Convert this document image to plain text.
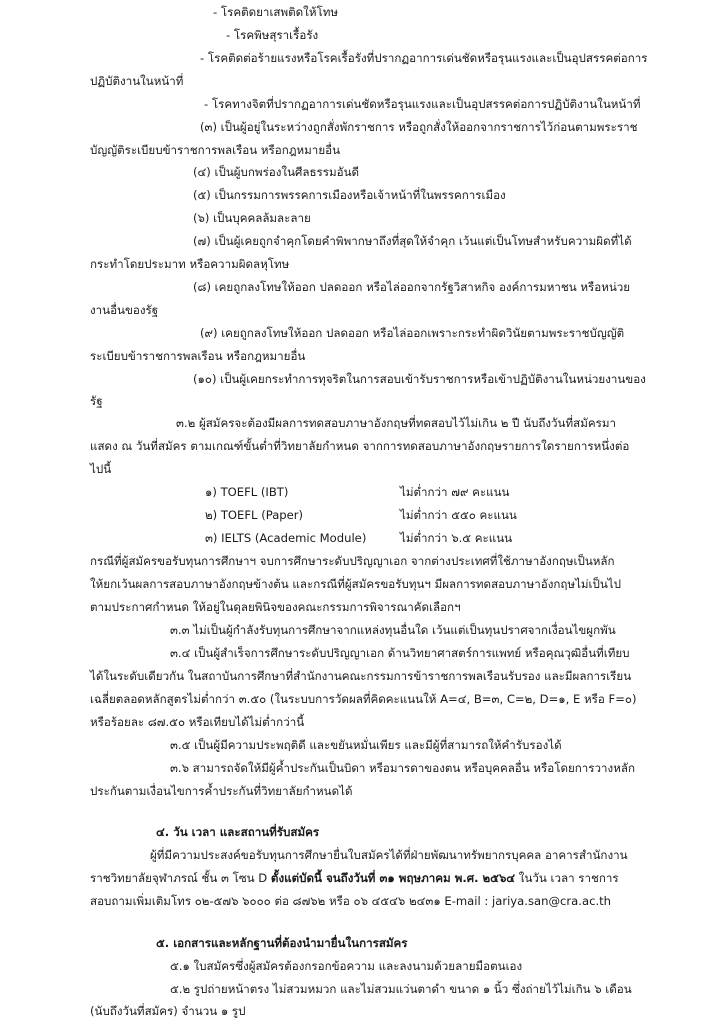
- โรคติดยาเสพติดให้โทษ
- โรคพิษสุราเรื้อรัง
- โรคติดต่อร้ายแรงหรือโรคเรื้อรังที่ปรากฏอาการเด่นชัดหรือรุนแรงและเป็นอุปสรรคต่อการ
ปฏิบัติงานในหน้าที่
- โรคทางจิตที่ปรากฏอาการเด่นชัดหรือรุนแรงและเป็นอุปสรรคต่อการปฏิบัติงานในหน้าที่
(๓) เป็นผู้อยู่ในระหว่างถูกสั่งพักราชการ หรือถูกสั่งให้ออกจากราชการไว้ก่อนตามพระราช
บัญญัติระเบียบข้าราชการพลเรือน หรือกฎหมายอื่น
(๔) เป็นผู้บกพร่องในศีลธรรมอันดี
(๕) เป็นกรรมการพรรคการเมืองหรือเจ้าหน้าที่ในพรรคการเมือง
(๖) เป็นบุคคลล้มละลาย
(๗) เป็นผู้เคยถูกจำคุกโดยคำพิพากษาถึงที่สุดให้จำคุก เว้นแต่เป็นโทษสำหรับความผิดที่ได้
กระทำโดยประมาท หรือความผิดลหุโทษ
(๘) เคยถูกลงโทษให้ออก ปลดออก หรือไล่ออกจากรัฐวิสาหกิจ องค์การมหาชน หรือหน่วย
งานอื่นของรัฐ
(๙) เคยถูกลงโทษให้ออก ปลดออก หรือไล่ออกเพราะกระทำผิดวินัยตามพระราชบัญญัติ
ระเบียบข้าราชการพลเรือน หรือกฎหมายอื่น
(๑๐) เป็นผู้เคยกระทำการทุจริตในการสอบเข้ารับราชการหรือเข้าปฏิบัติงานในหน่วยงานของ
รัฐ
๓.๒ ผู้สมัครจะต้องมีผลการทดสอบภาษาอังกฤษที่ทดสอบไว้ไม่เกิน ๒ ปี นับถึงวันที่สมัครมา
แสดง ณ วันที่สมัคร ตามเกณฑ์ขั้นต่ำที่วิทยาลัยกำหนด จากการทดสอบภาษาอังกฤษรายการใดรายการหนึ่งต่อ
ไปนี้
๑) TOEFL (IBT)	ไม่ต่ำกว่า ๗๙ คะแนน
๒) TOEFL (Paper)	ไม่ต่ำกว่า ๕๕๐ คะแนน
๓) IELTS (Academic Module)	ไม่ต่ำกว่า ๖.๕ คะแนน
กรณีที่ผู้สมัครขอรับทุนการศึกษาฯ จบการศึกษาระดับปริญญาเอก จากต่างประเทศที่ใช้ภาษาอังกฤษเป็นหลัก
ให้ยกเว้นผลการสอบภาษาอังกฤษข้างต้น และกรณีที่ผู้สมัครขอรับทุนฯ มีผลการทดสอบภาษาอังกฤษไม่เป็นไป
ตามประกาศกำหนด ให้อยู่ในดุลยพินิจของคณะกรรมการพิจารณาคัดเลือกฯ
๓.๓ ไม่เป็นผู้กำลังรับทุนการศึกษาจากแหล่งทุนอื่นใด เว้นแต่เป็นทุนปราศจากเงื่อนไขผูกพัน
๓.๔ เป็นผู้สำเร็จการศึกษาระดับปริญญาเอก ด้านวิทยาศาสตร์การแพทย์ หรือคุณวุฒิอื่นที่เทียบ
ได้ในระดับเดียวกัน ในสถาบันการศึกษาที่สำนักงานคณะกรรมการข้าราชการพลเรือนรับรอง และมีผลการเรียน
เฉลี่ยตลอดหลักสูตรไม่ต่ำกว่า ๓.๕๐ (ในระบบการวัดผลที่คิดคะแนนให้ A=๔, B=๓, C=๒, D=๑, E หรือ F=๐)
หรือร้อยละ ๘๗.๕๐ หรือเทียบได้ไม่ต่ำกว่านี้
๓.๕ เป็นผู้มีความประพฤติดี และขยันหมั่นเพียร และมีผู้ที่สามารถให้คำรับรองได้
๓.๖ สามารถจัดให้มีผู้ค้ำประกันเป็นบิดา หรือมารดาของตน หรือบุคคลอื่น หรือโดยการวางหลัก
ประกันตามเงื่อนไขการค้ำประกันที่วิทยาลัยกำหนดได้
๔. วัน เวลา และสถานที่รับสมัคร
ผู้ที่มีความประสงค์ขอรับทุนการศึกษายื่นใบสมัครได้ที่ฝ่ายพัฒนาทรัพยากรบุคคล อาคารสำนักงาน
ราชวิทยาลัยจุฬาภรณ์ ชั้น ๓ โซน D ตั้งแต่บัดนี้ จนถึงวันที่ ๓๑ พฤษภาคม พ.ศ. ๒๕๖๔ ในวัน เวลา ราชการ
สอบถามเพิ่มเติมโทร ๐๒-๕๗๖ ๖๐๐๐ ต่อ ๘๗๖๒ หรือ ๐๖ ๔๕๔๖ ๒๔๓๑ E-mail : jariya.san@cra.ac.th
๕. เอกสารและหลักฐานที่ต้องนำมายื่นในการสมัคร
๕.๑ ใบสมัครซึ่งผู้สมัครต้องกรอกข้อความ และลงนามด้วยลายมือตนเอง
๕.๒ รูปถ่ายหน้าตรง ไม่สวมหมวก และไม่สวมแว่นตาดำ ขนาด ๑ นิ้ว ซึ่งถ่ายไว้ไม่เกิน ๖ เดือน
(นับถึงวันที่สมัคร) จำนวน ๑ รูป
